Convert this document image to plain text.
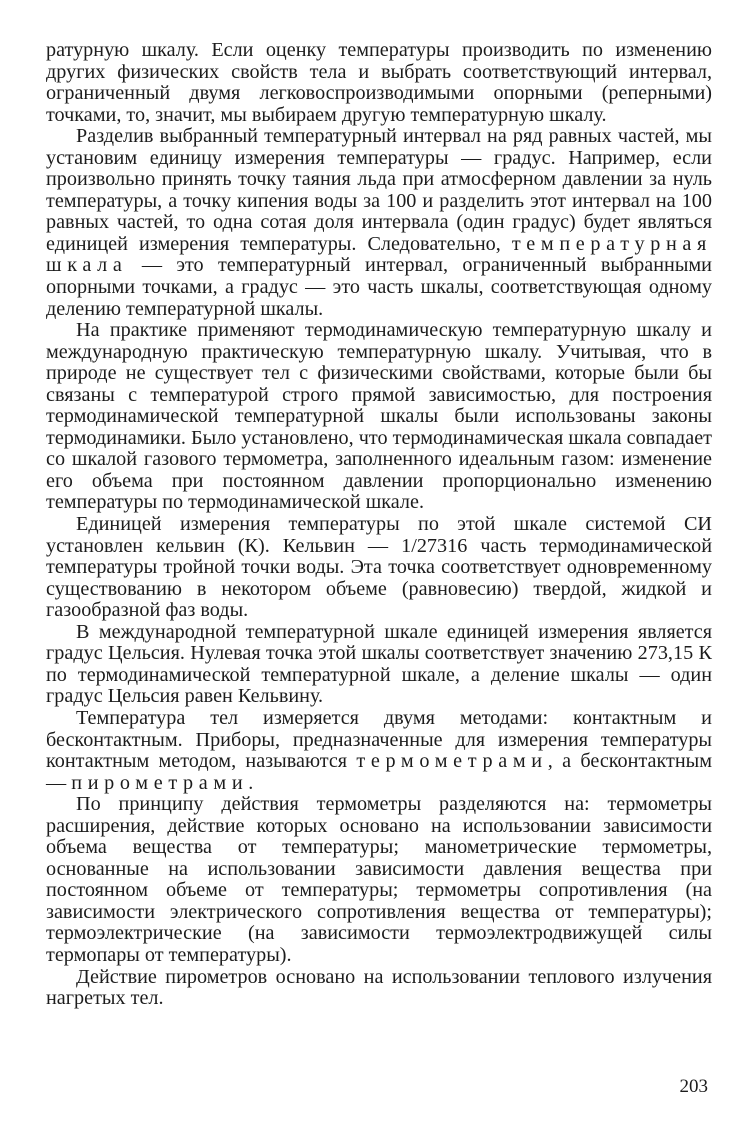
ратурную шкалу. Если оценку температуры производить по изменению других физических свойств тела и выбрать соответствующий интервал, ограниченный двумя легковоспроизводимыми опорными (реперными) точками, то, значит, мы выбираем другую температурную шкалу.

Разделив выбранный температурный интервал на ряд равных частей, мы установим единицу измерения температуры — градус. Например, если произвольно принять точку таяния льда при атмосферном давлении за нуль температуры, а точку кипения воды за 100 и разделить этот интервал на 100 равных частей, то одна сотая доля интервала (один градус) будет являться единицей измерения температуры. Следовательно, температурная шкала — это температурный интервал, ограниченный выбранными опорными точками, а градус — это часть шкалы, соответствующая одному делению температурной шкалы.

На практике применяют термодинамическую температурную шкалу и международную практическую температурную шкалу. Учитывая, что в природе не существует тел с физическими свойствами, которые были бы связаны с температурой строго прямой зависимостью, для построения термодинамической температурной шкалы были использованы законы термодинамики. Было установлено, что термодинамическая шкала совпадает со шкалой газового термометра, заполненного идеальным газом: изменение его объема при постоянном давлении пропорционально изменению температуры по термодинамической шкале.

Единицей измерения температуры по этой шкале системой СИ установлен кельвин (К). Кельвин — 1/27316 часть термодинамической температуры тройной точки воды. Эта точка соответствует одновременному существованию в некотором объеме (равновесию) твердой, жидкой и газообразной фаз воды.

В международной температурной шкале единицей измерения является градус Цельсия. Нулевая точка этой шкалы соответствует значению 273,15 К по термодинамической температурной шкале, а деление шкалы — один градус Цельсия равен Кельвину.

Температура тел измеряется двумя методами: контактным и бесконтактным. Приборы, предназначенные для измерения температуры контактным методом, называются термометрами, а бесконтактным — пирометрами.

По принципу действия термометры разделяются на: термометры расширения, действие которых основано на использовании зависимости объема вещества от температуры; манометрические термометры, основанные на использовании зависимости давления вещества при постоянном объеме от температуры; термометры сопротивления (на зависимости электрического сопротивления вещества от температуры); термоэлектрические (на зависимости термоэлектродвижущей силы термопары от температуры).

Действие пирометров основано на использовании теплового излучения нагретых тел.

203
